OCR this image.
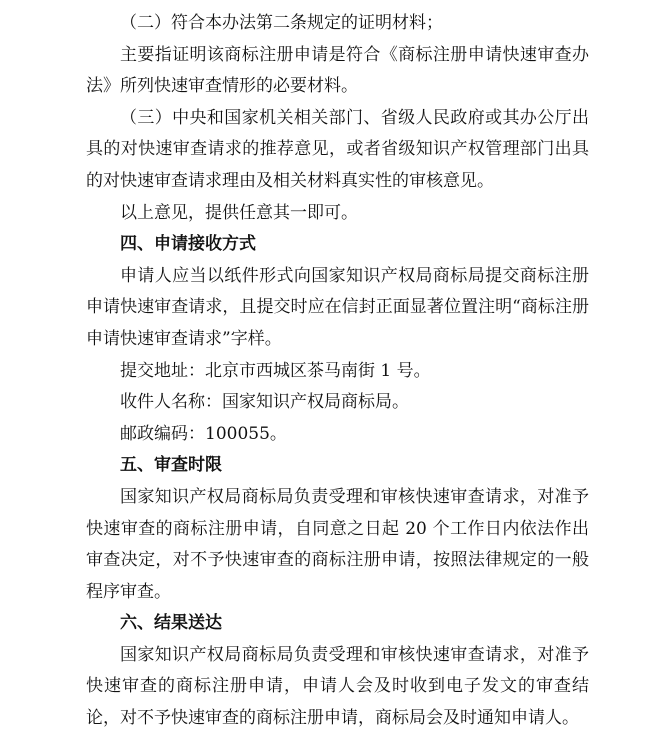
（二）符合本办法第二条规定的证明材料；

主要指证明该商标注册申请是符合《商标注册申请快速审查办法》所列快速审查情形的必要材料。

（三）中央和国家机关相关部门、省级人民政府或其办公厅出具的对快速审查请求的推荐意见，或者省级知识产权管理部门出具的对快速审查请求理由及相关材料真实性的审核意见。

以上意见，提供任意其一即可。

四、申请接收方式

申请人应当以纸件形式向国家知识产权局商标局提交商标注册申请快速审查请求，且提交时应在信封正面显著位置注明“商标注册申请快速审查请求”字样。

提交地址：北京市西城区茶马南街 1 号。

收件人名称：国家知识产权局商标局。

邮政编码：100055。

五、审查时限

国家知识产权局商标局负责受理和审核快速审查请求，对准予快速审查的商标注册申请，自同意之日起 20 个工作日内依法作出审查决定，对不予快速审查的商标注册申请，按照法律规定的一般程序审查。

六、结果送达

国家知识产权局商标局负责受理和审核快速审查请求，对准予快速审查的商标注册申请，申请人会及时收到电子发文的审查结论，对不予快速审查的商标注册申请，商标局会及时通知申请人。
